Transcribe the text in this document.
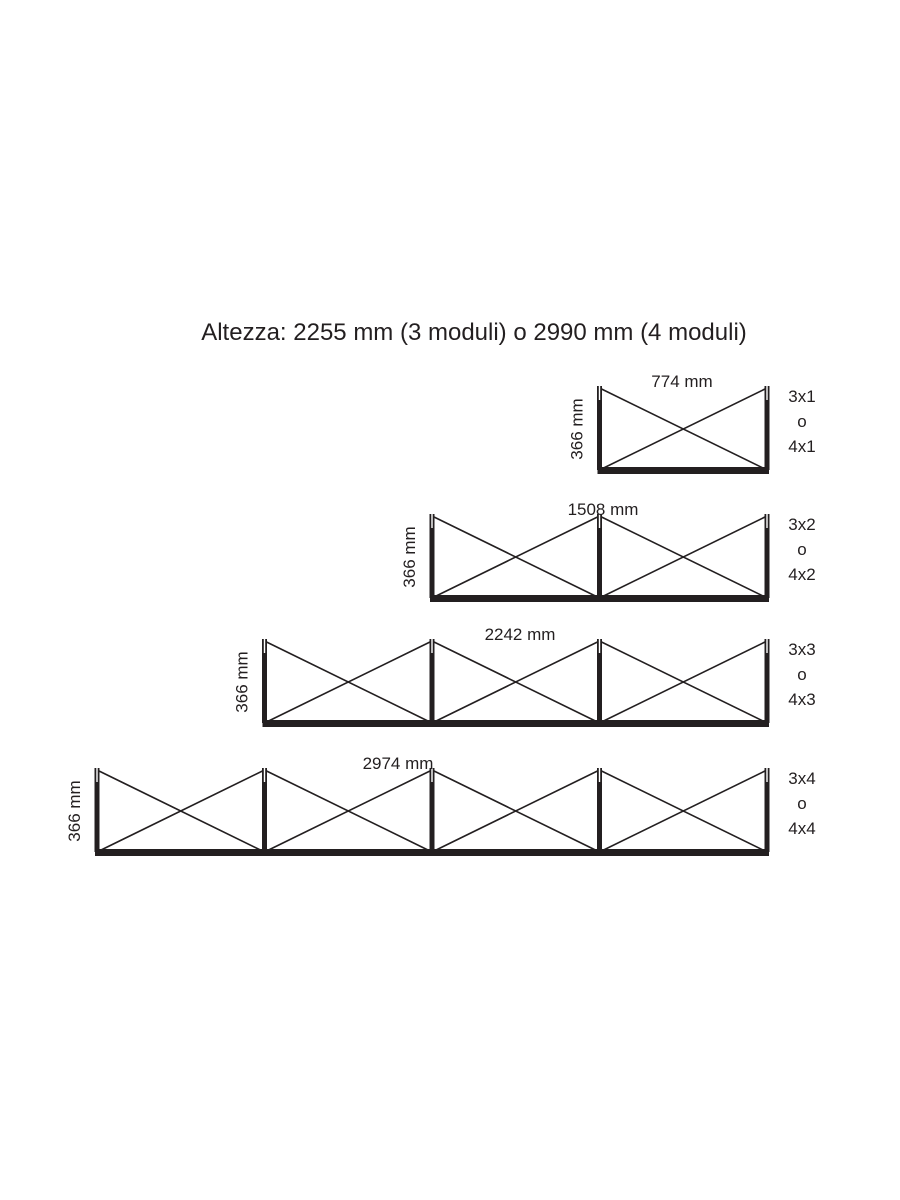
Altezza: 2255 mm (3 moduli) o 2990 mm (4 moduli)
774 mm
366 mm
3x1
o
4x1
1508 mm
366 mm
3x2
o
4x2
2242 mm
366 mm
3x3
o
4x3
2974 mm
366 mm
3x4
o
4x4
